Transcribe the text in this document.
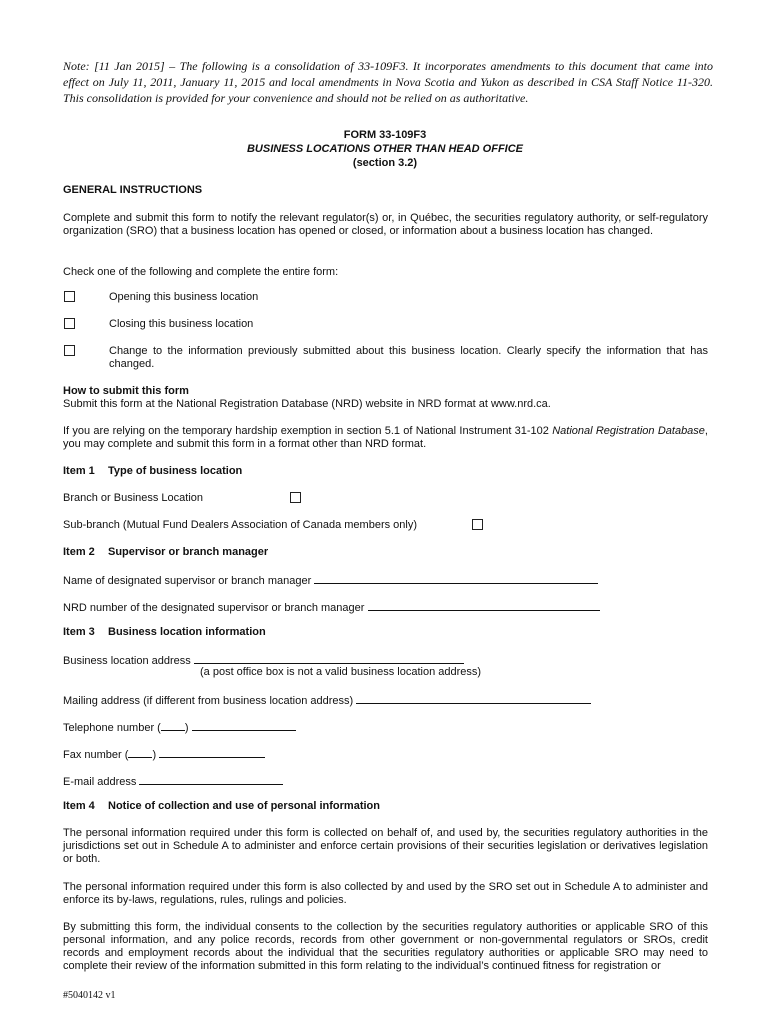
Note: [11 Jan 2015] – The following is a consolidation of 33-109F3. It incorporates amendments to this document that came into effect on July 11, 2011, January 11, 2015 and local amendments in Nova Scotia and Yukon as described in CSA Staff Notice 11-320. This consolidation is provided for your convenience and should not be relied on as authoritative.
FORM 33-109F3
BUSINESS LOCATIONS OTHER THAN HEAD OFFICE
(section 3.2)
GENERAL INSTRUCTIONS
Complete and submit this form to notify the relevant regulator(s) or, in Québec, the securities regulatory authority, or self-regulatory organization (SRO) that a business location has opened or closed, or information about a business location has changed.
Check one of the following and complete the entire form:
Opening this business location
Closing this business location
Change to the information previously submitted about this business location. Clearly specify the information that has changed.
How to submit this form
Submit this form at the National Registration Database (NRD) website in NRD format at www.nrd.ca.
If you are relying on the temporary hardship exemption in section 5.1 of National Instrument 31-102 National Registration Database, you may complete and submit this form in a format other than NRD format.
Item 1 Type of business location
Branch or Business Location
Sub-branch (Mutual Fund Dealers Association of Canada members only)
Item 2 Supervisor or branch manager
Name of designated supervisor or branch manager
NRD number of the designated supervisor or branch manager
Item 3 Business location information
Business location address
(a post office box is not a valid business location address)
Mailing address (if different from business location address)
Telephone number ( )
Fax number ( )
E-mail address
Item 4 Notice of collection and use of personal information
The personal information required under this form is collected on behalf of, and used by, the securities regulatory authorities in the jurisdictions set out in Schedule A to administer and enforce certain provisions of their securities legislation or derivatives legislation or both.
The personal information required under this form is also collected by and used by the SRO set out in Schedule A to administer and enforce its by-laws, regulations, rules, rulings and policies.
By submitting this form, the individual consents to the collection by the securities regulatory authorities or applicable SRO of this personal information, and any police records, records from other government or non-governmental regulators or SROs, credit records and employment records about the individual that the securities regulatory authorities or applicable SRO may need to complete their review of the information submitted in this form relating to the individual’s continued fitness for registration or
#5040142 v1
